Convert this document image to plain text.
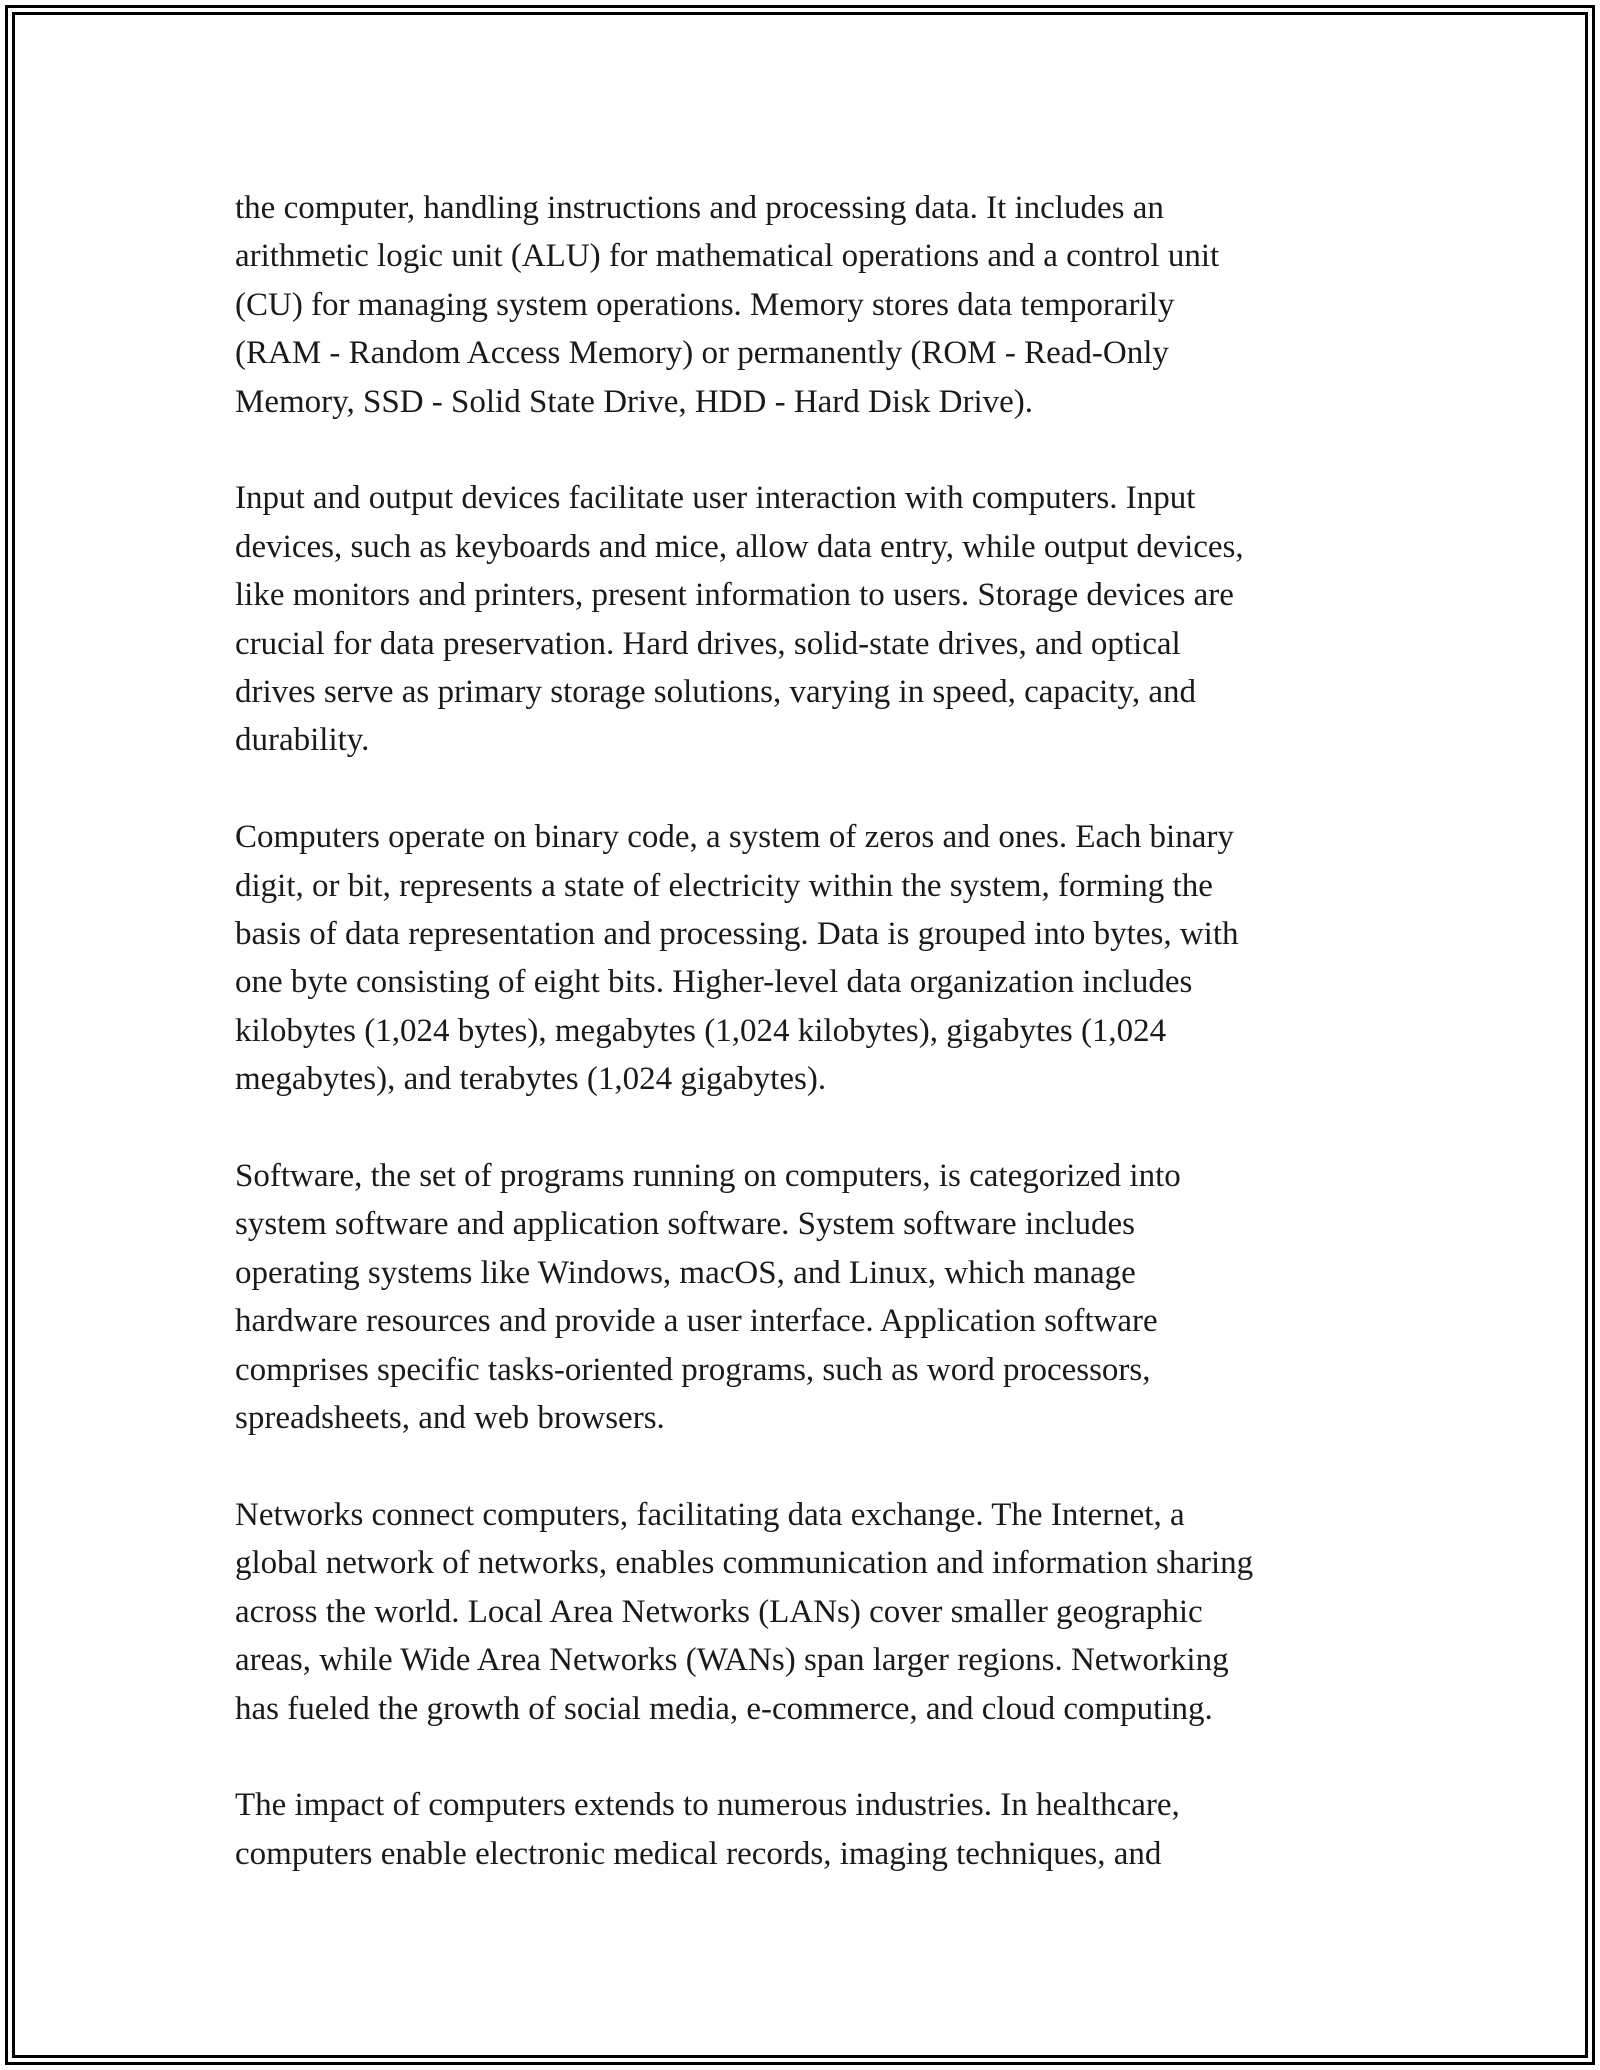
the computer, handling instructions and processing data. It includes an
arithmetic logic unit (ALU) for mathematical operations and a control unit
(CU) for managing system operations. Memory stores data temporarily
(RAM - Random Access Memory) or permanently (ROM - Read-Only
Memory, SSD - Solid State Drive, HDD - Hard Disk Drive).

Input and output devices facilitate user interaction with computers. Input
devices, such as keyboards and mice, allow data entry, while output devices,
like monitors and printers, present information to users. Storage devices are
crucial for data preservation. Hard drives, solid-state drives, and optical
drives serve as primary storage solutions, varying in speed, capacity, and
durability.

Computers operate on binary code, a system of zeros and ones. Each binary
digit, or bit, represents a state of electricity within the system, forming the
basis of data representation and processing. Data is grouped into bytes, with
one byte consisting of eight bits. Higher-level data organization includes
kilobytes (1,024 bytes), megabytes (1,024 kilobytes), gigabytes (1,024
megabytes), and terabytes (1,024 gigabytes).

Software, the set of programs running on computers, is categorized into
system software and application software. System software includes
operating systems like Windows, macOS, and Linux, which manage
hardware resources and provide a user interface. Application software
comprises specific tasks-oriented programs, such as word processors,
spreadsheets, and web browsers.

Networks connect computers, facilitating data exchange. The Internet, a
global network of networks, enables communication and information sharing
across the world. Local Area Networks (LANs) cover smaller geographic
areas, while Wide Area Networks (WANs) span larger regions. Networking
has fueled the growth of social media, e-commerce, and cloud computing.

The impact of computers extends to numerous industries. In healthcare,
computers enable electronic medical records, imaging techniques, and
